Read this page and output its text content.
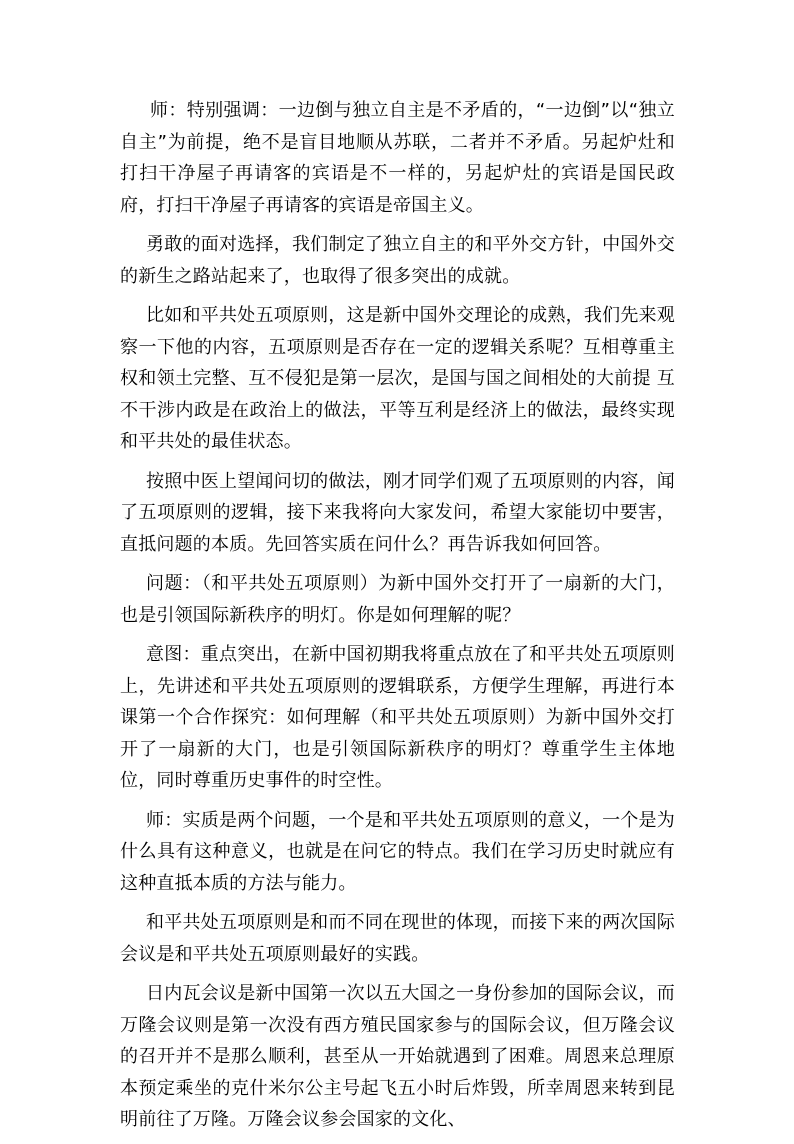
师：特别强调：一边倒与独立自主是不矛盾的，“一边倒”以“独立自主”为前提，绝不是盲目地顺从苏联，二者并不矛盾。另起炉灶和打扫干净屋子再请客的宾语是不一样的，另起炉灶的宾语是国民政府，打扫干净屋子再请客的宾语是帝国主义。

勇敢的面对选择，我们制定了独立自主的和平外交方针，中国外交的新生之路站起来了，也取得了很多突出的成就。

比如和平共处五项原则，这是新中国外交理论的成熟，我们先来观察一下他的内容，五项原则是否存在一定的逻辑关系呢？互相尊重主权和领土完整、互不侵犯是第一层次，是国与国之间相处的大前提 互不干涉内政是在政治上的做法，平等互利是经济上的做法，最终实现和平共处的最佳状态。

按照中医上望闻问切的做法，刚才同学们观了五项原则的内容，闻了五项原则的逻辑，接下来我将向大家发问，希望大家能切中要害，直抵问题的本质。先回答实质在问什么？再告诉我如何回答。

问题：（和平共处五项原则）为新中国外交打开了一扇新的大门，也是引领国际新秩序的明灯。你是如何理解的呢？

意图：重点突出，在新中国初期我将重点放在了和平共处五项原则上，先讲述和平共处五项原则的逻辑联系，方便学生理解，再进行本课第一个合作探究：如何理解（和平共处五项原则）为新中国外交打开了一扇新的大门，也是引领国际新秩序的明灯？尊重学生主体地位，同时尊重历史事件的时空性。

师：实质是两个问题，一个是和平共处五项原则的意义，一个是为什么具有这种意义，也就是在问它的特点。我们在学习历史时就应有这种直抵本质的方法与能力。

和平共处五项原则是和而不同在现世的体现，而接下来的两次国际会议是和平共处五项原则最好的实践。

日内瓦会议是新中国第一次以五大国之一身份参加的国际会议，而万隆会议则是第一次没有西方殖民国家参与的国际会议，但万隆会议的召开并不是那么顺利，甚至从一开始就遇到了困难。周恩来总理原本预定乘坐的克什米尔公主号起飞五小时后炸毁，所幸周恩来转到昆明前往了万隆。万隆会议参会国家的文化、
